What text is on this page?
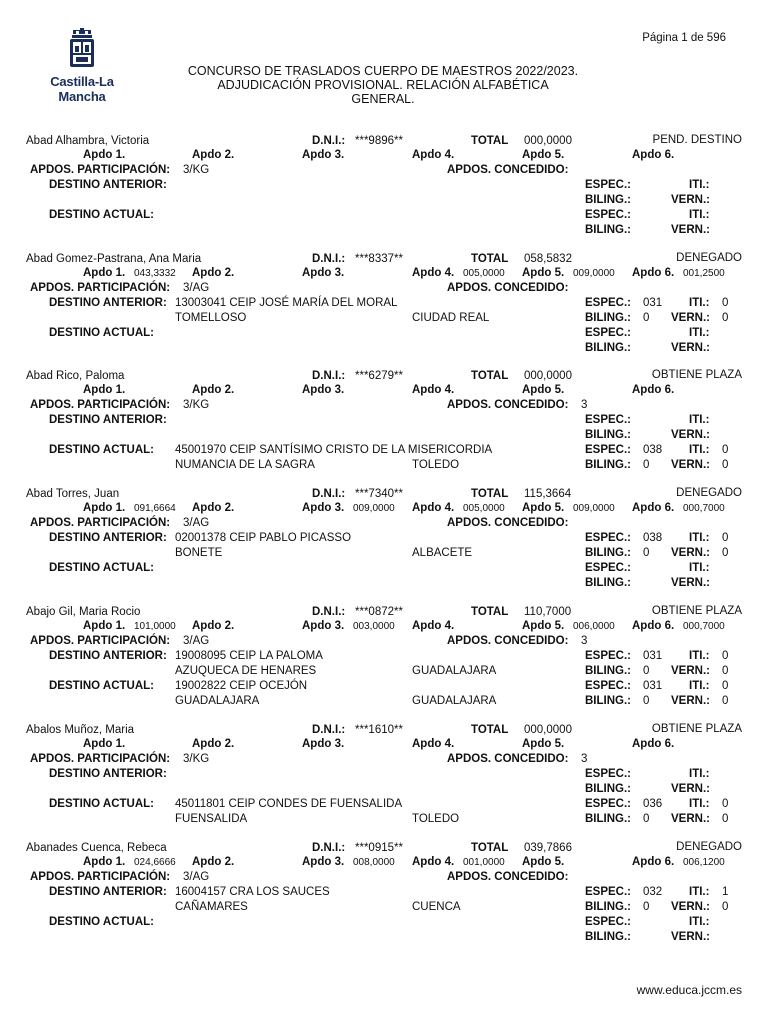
Página 1 de 596
Castilla-La Mancha
CONCURSO DE TRASLADOS CUERPO DE MAESTROS 2022/2023.
ADJUDICACIÓN PROVISIONAL. RELACIÓN ALFABÉTICA
GENERAL.
Abad Alhambra, Victoria	D.N.I.: ***9896**	TOTAL 000,0000	PEND. DESTINO
Apdo 1.	Apdo 2.	Apdo 3.	Apdo 4.	Apdo 5.	Apdo 6.
APDOS. PARTICIPACIÓN: 3/KG	APDOS. CONCEDIDO:
DESTINO ANTERIOR:	ESPEC.:	ITI.:
BILING.:	VERN.:
DESTINO ACTUAL:	ESPEC.:	ITI.:
BILING.:	VERN.:
Abad Gomez-Pastrana, Ana Maria	D.N.I.: ***8337**	TOTAL 058,5832	DENEGADO
Apdo 1. 043,3332 Apdo 2.	Apdo 3.	Apdo 4. 005,0000 Apdo 5. 009,0000 Apdo 6. 001,2500
APDOS. PARTICIPACIÓN: 3/AG	APDOS. CONCEDIDO:
DESTINO ANTERIOR: 13003041 CEIP JOSÉ MARÍA DEL MORAL
TOMELLOSO	CIUDAD REAL
ESPEC.: 031 ITI.: 0
BILING.: 0 VERN.: 0
DESTINO ACTUAL:	ESPEC.:	ITI.:
BILING.:	VERN.:
Abad Rico, Paloma	D.N.I.: ***6279**	TOTAL 000,0000	OBTIENE PLAZA
Apdo 1.	Apdo 2.	Apdo 3.	Apdo 4.	Apdo 5.	Apdo 6.
APDOS. PARTICIPACIÓN: 3/KG	APDOS. CONCEDIDO: 3
DESTINO ANTERIOR:	ESPEC.:	ITI.:
BILING.:	VERN.:
DESTINO ACTUAL: 45001970 CEIP SANTÍSIMO CRISTO DE LA MISERICORDIA
NUMANCIA DE LA SAGRA	TOLEDO
ESPEC.: 038 ITI.: 0
BILING.: 0 VERN.: 0
Abad Torres, Juan	D.N.I.: ***7340**	TOTAL 115,3664	DENEGADO
Apdo 1. 091,6664 Apdo 2.	Apdo 3. 009,0000 Apdo 4. 005,0000 Apdo 5. 009,0000 Apdo 6. 000,7000
APDOS. PARTICIPACIÓN: 3/AG	APDOS. CONCEDIDO:
DESTINO ANTERIOR: 02001378 CEIP PABLO PICASSO
BONETE	ALBACETE
ESPEC.: 038 ITI.: 0
BILING.: 0 VERN.: 0
DESTINO ACTUAL:	ESPEC.:	ITI.:
BILING.:	VERN.:
Abajo Gil, Maria Rocio	D.N.I.: ***0872**	TOTAL 110,7000	OBTIENE PLAZA
Apdo 1. 101,0000 Apdo 2.	Apdo 3. 003,0000 Apdo 4.	Apdo 5. 006,0000 Apdo 6. 000,7000
APDOS. PARTICIPACIÓN: 3/AG	APDOS. CONCEDIDO: 3
DESTINO ANTERIOR: 19008095 CEIP LA PALOMA
AZUQUECA DE HENARES	GUADALAJARA
ESPEC.: 031 ITI.: 0
BILING.: 0 VERN.: 0
DESTINO ACTUAL: 19002822 CEIP OCEJÓN
GUADALAJARA	GUADALAJARA
ESPEC.: 031 ITI.: 0
BILING.: 0 VERN.: 0
Abalos Muñoz, Maria	D.N.I.: ***1610**	TOTAL 000,0000	OBTIENE PLAZA
Apdo 1.	Apdo 2.	Apdo 3.	Apdo 4.	Apdo 5.	Apdo 6.
APDOS. PARTICIPACIÓN: 3/KG	APDOS. CONCEDIDO: 3
DESTINO ANTERIOR:	ESPEC.:	ITI.:
BILING.:	VERN.:
DESTINO ACTUAL: 45011801 CEIP CONDES DE FUENSALIDA
FUENSALIDA	TOLEDO
ESPEC.: 036 ITI.: 0
BILING.: 0 VERN.: 0
Abanades Cuenca, Rebeca	D.N.I.: ***0915**	TOTAL 039,7866	DENEGADO
Apdo 1. 024,6666 Apdo 2.	Apdo 3. 008,0000 Apdo 4. 001,0000 Apdo 5.	Apdo 6. 006,1200
APDOS. PARTICIPACIÓN: 3/AG	APDOS. CONCEDIDO:
DESTINO ANTERIOR: 16004157 CRA LOS SAUCES
CAÑAMARES	CUENCA
ESPEC.: 032 ITI.: 1
BILING.: 0 VERN.: 0
DESTINO ACTUAL:	ESPEC.:	ITI.:
BILING.:	VERN.:
www.educa.jccm.es
